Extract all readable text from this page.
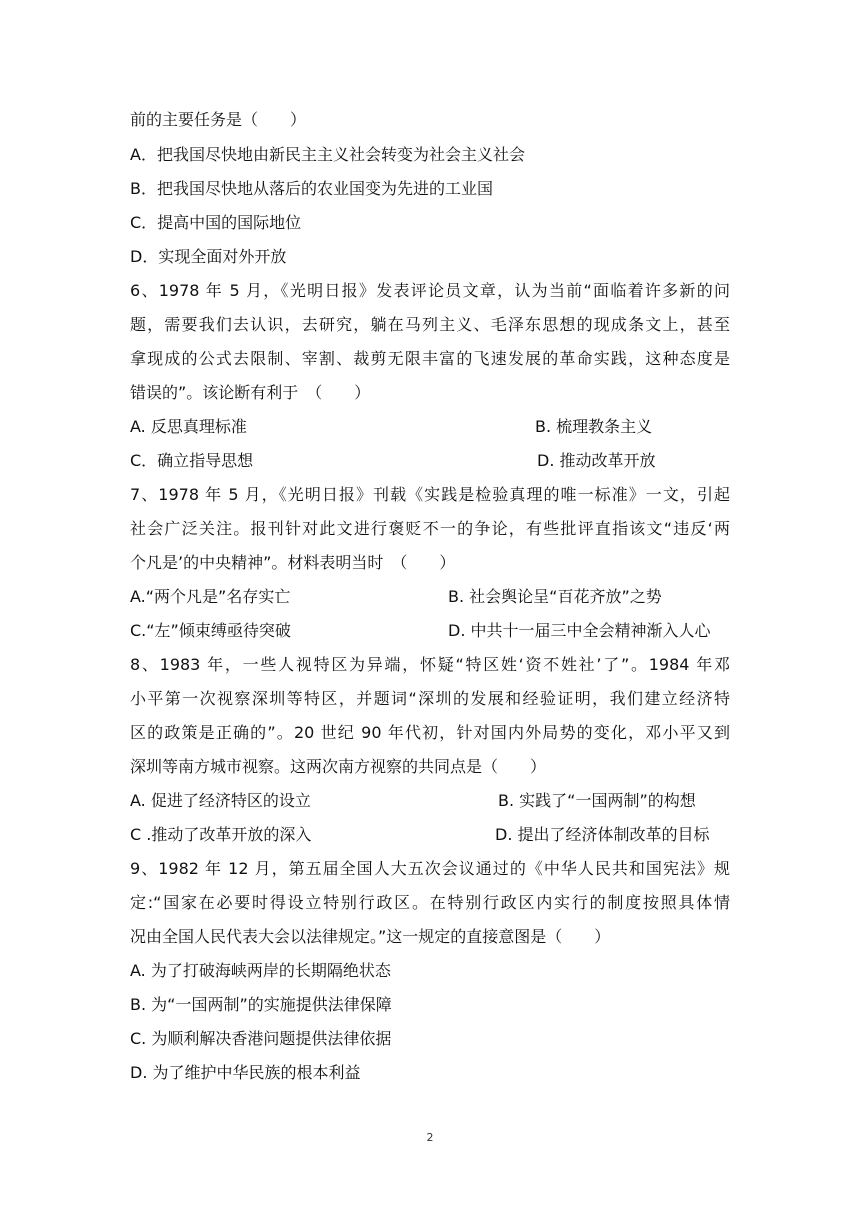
前的主要任务是（　　）
A．把我国尽快地由新民主主义社会转变为社会主义社会
B．把我国尽快地从落后的农业国变为先进的工业国
C．提高中国的国际地位
D．实现全面对外开放
6、1978 年 5 月，《光明日报》发表评论员文章，认为当前“面临着许多新的问
题，需要我们去认识，去研究，躺在马列主义、毛泽东思想的现成条文上，甚至
拿现成的公式去限制、宰割、裁剪无限丰富的飞速发展的革命实践，这种态度是
错误的”。该论断有利于　（　　）
A. 反思真理标准	B. 梳理教条主义
C．确立指导思想	D. 推动改革开放
7、1978 年 5 月，《光明日报》刊载《实践是检验真理的唯一标准》一文，引起
社会广泛关注。报刊针对此文进行褒贬不一的争论，有些批评直指该文“违反‘两
个凡是’的中央精神”。材料表明当时　（　　）
A.“两个凡是”名存实亡	B. 社会舆论呈“百花齐放”之势
C.“左”倾束缚亟待突破	D. 中共十一届三中全会精神渐入人心
8、1983 年，一些人视特区为异端，怀疑“特区姓‘资不姓社’了”。1984 年邓
小平第一次视察深圳等特区，并题词“深圳的发展和经验证明，我们建立经济特
区的政策是正确的”。20 世纪 90 年代初，针对国内外局势的变化，邓小平又到
深圳等南方城市视察。这两次南方视察的共同点是（　　）
A. 促进了经济特区的设立	B. 实践了“一国两制”的构想
C .推动了改革开放的深入	D. 提出了经济体制改革的目标
9、1982 年 12 月，第五届全国人大五次会议通过的《中华人民共和国宪法》规
定:“国家在必要时得设立特别行政区。在特别行政区内实行的制度按照具体情
况由全国人民代表大会以法律规定。”这一规定的直接意图是（　　）
A. 为了打破海峡两岸的长期隔绝状态
B. 为“一国两制”的实施提供法律保障
C. 为顺利解决香港问题提供法律依据
D. 为了维护中华民族的根本利益
2
